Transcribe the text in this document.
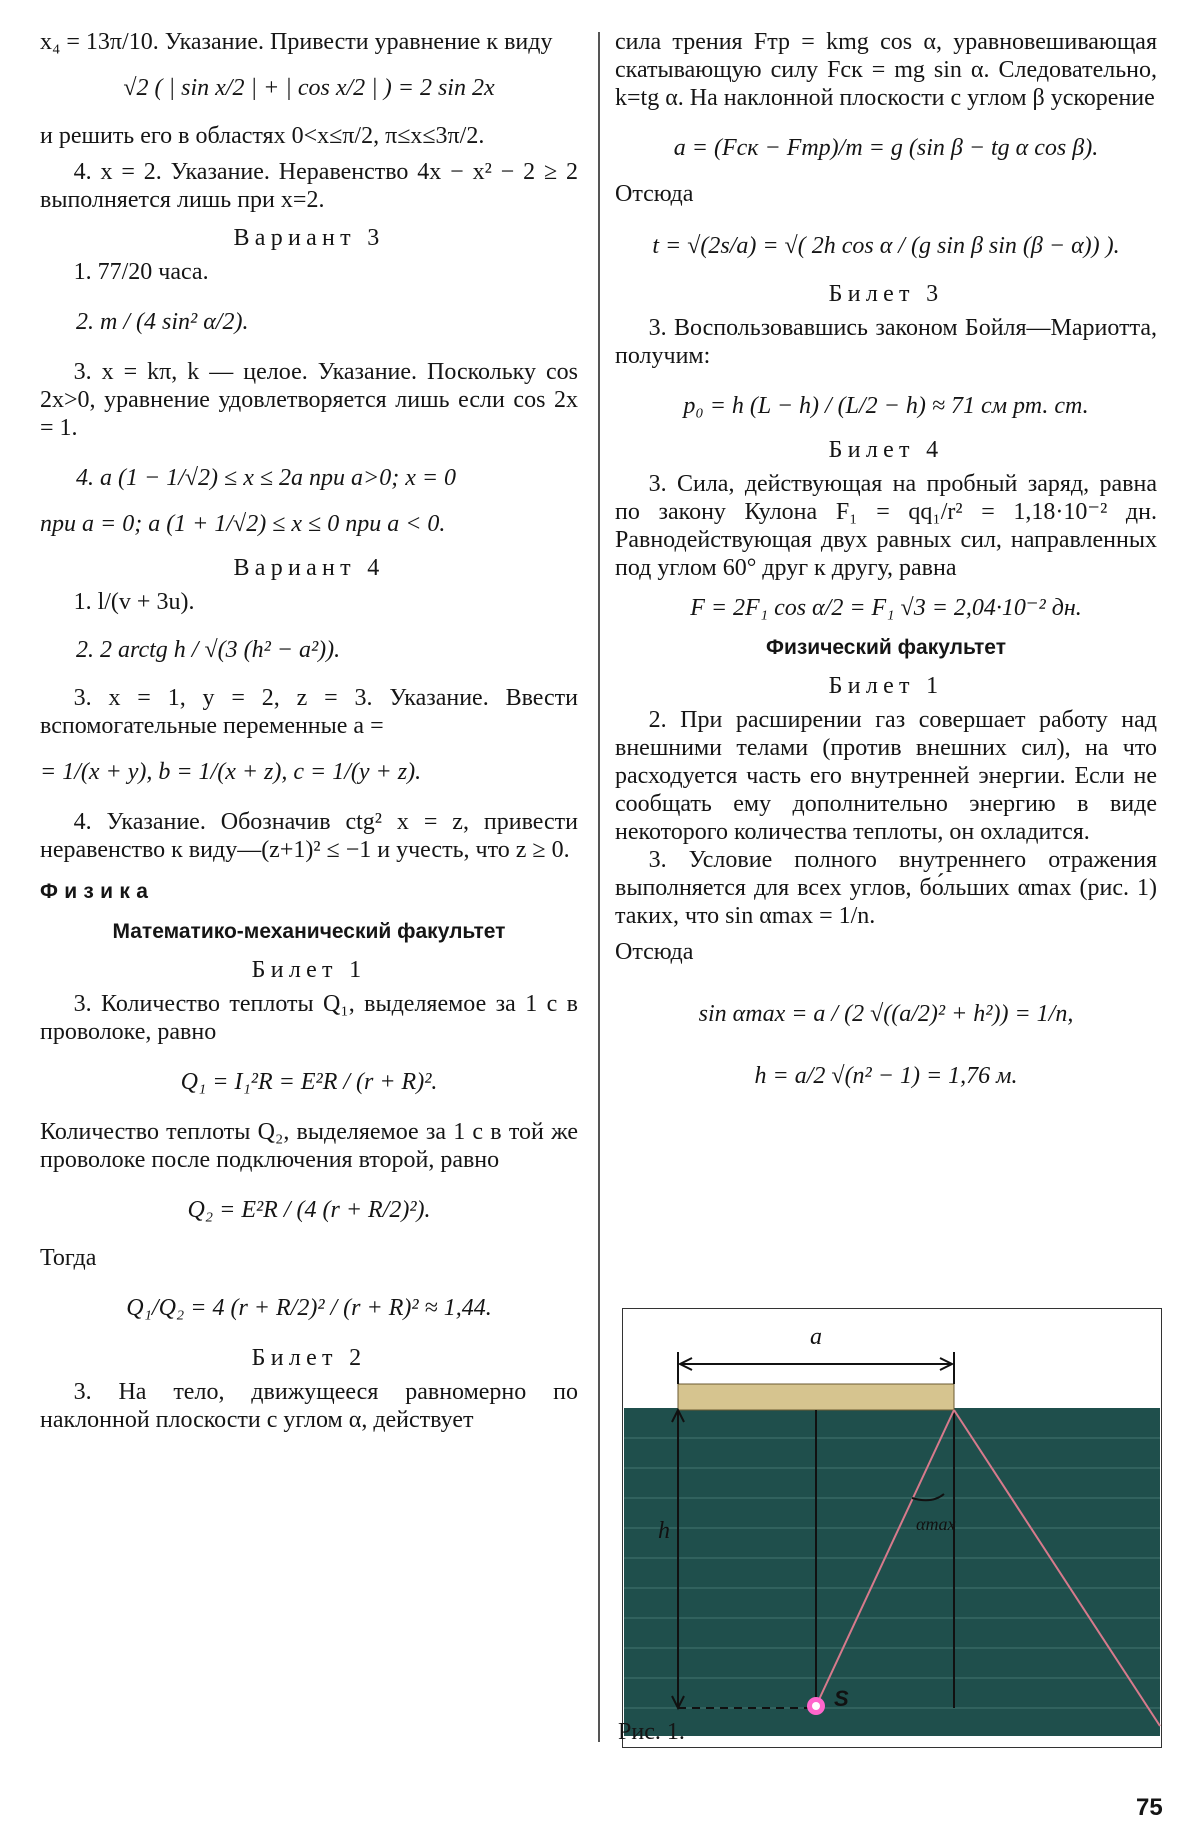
x₄ = 13π/10. Указание. Привести уравнение к виду

√2 ( | sin x/2 | + | cos x/2 | ) = 2 sin 2x

и решить его в областях 0<x≤π/2, π≤x≤3π/2.

4. x = 2. Указание. Неравенство 4x − x² − 2 ≥ 2 выполняется лишь при x=2.

Вариант 3

1. 77/20 часа.

2. m / (4 sin² α/2).

3. x = kπ, k — целое. Указание. Поскольку cos 2x>0, уравнение удовлетворяется лишь если cos 2x = 1.

4. a (1 − 1/√2) ≤ x ≤ 2a при a>0; x = 0

при a = 0; a (1 + 1/√2) ≤ x ≤ 0 при a < 0.

Вариант 4

1. l/(v + 3u).

2. 2 arctg h / √(3 (h² − a²)).

3. x = 1, y = 2, z = 3. Указание. Ввести вспомогательные переменные a =

= 1/(x + y), b = 1/(x + z), c = 1/(y + z).

4. Указание. Обозначив ctg² x = z, привести неравенство к виду—(z+1)² ≤ −1 и учесть, что z ≥ 0.

Физика

Математико-механический факультет

Билет 1

3. Количество теплоты Q₁, выделяемое за 1 с в проволоке, равно

Q₁ = I₁²R = E²R / (r + R)².

Количество теплоты Q₂, выделяемое за 1 с в той же проволоке после подключения второй, равно

Q₂ = E²R / (4 (r + R/2)²).

Тогда

Q₁/Q₂ = 4 (r + R/2)² / (r + R)² ≈ 1,44.

Билет 2

3. На тело, движущееся равномерно по наклонной плоскости с углом α, действует

сила трения Fтр = kmg cos α, уравновешивающая скатывающую силу Fск = mg sin α. Следовательно, k=tg α. На наклонной плоскости с углом β ускорение

a = (Fск − Fтр)/m = g (sin β − tg α cos β).

Отсюда

t = √(2s/a) = √( 2h cos α / (g sin β sin (β − α)) ).

Билет 3

3. Воспользовавшись законом Бойля—Мариотта, получим:

p₀ = h (L − h) / (L/2 − h) ≈ 71 см рт. ст.

Билет 4

3. Сила, действующая на пробный заряд, равна по закону Кулона F₁ = qq₁/r² = 1,18·10⁻² дн. Равнодействующая двух равных сил, направленных под углом 60° друг к другу, равна

F = 2F₁ cos α/2 = F₁ √3 = 2,04·10⁻² дн.

Физический факультет

Билет 1

2. При расширении газ совершает работу над внешними телами (против внешних сил), на что расходуется часть его внутренней энергии. Если не сообщать ему дополнительно энергию в виде некоторого количества теплоты, он охладится.

3. Условие полного внутреннего отражения выполняется для всех углов, бо́льших αmax (рис. 1) таких, что sin αmax = 1/n.

Отсюда

sin αmax = a / (2 √((a/2)² + h²)) = 1/n,

h = a/2 √(n² − 1) = 1,76 м.

a
h	αmax
S

Рис. 1.

75
